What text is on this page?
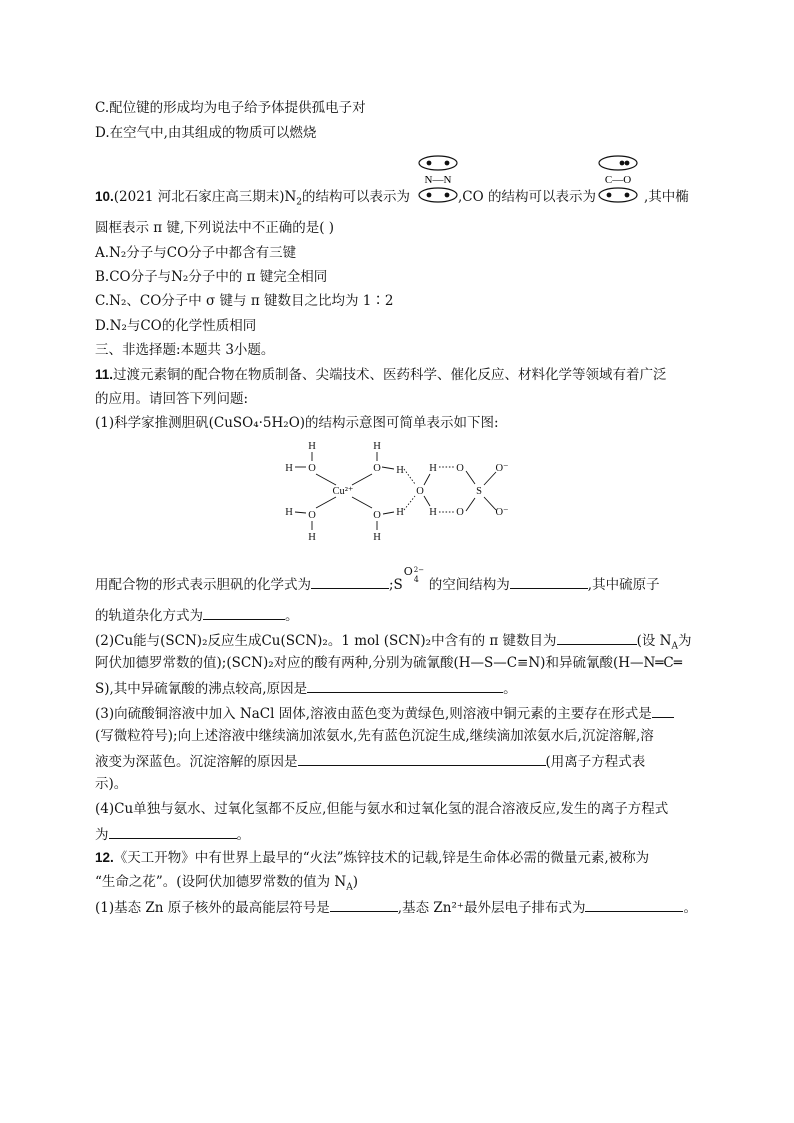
C.配位键的形成均为电子给予体提供孤电子对
D.在空气中,由其组成的物质可以燃烧
N—N	C—O
10.(2021 河北石家庄高三期末)$N_2$的结构可以表示为	,CO 的结构可以表示为	,其中椭
圆框表示 π 键,下列说法中不正确的是( )
A.N₂分子与CO分子中都含有三键
B.CO分子与N₂分子中的 π 键完全相同
C.N₂、CO分子中 σ 键与 π 键数目之比均为 1∶2
D.N₂与CO的化学性质相同
三、非选择题:本题共 3小题。
11.过渡元素铜的配合物在物质制备、尖端技术、医药科学、催化反应、材料化学等领域有着广泛
的应用。请回答下列问题:
(1)科学家推测胆矾(CuSO₄·5H₂O)的结构示意图可简单表示如下图:
H
H O
H
O H
Cu²⁺
H O
H
O
H
H
O
H
H
O
O
S
O⁻
O⁻
用配合物的形式表示胆矾的化学式为	;S
O 2−
4 的空间结构为	,其中硫原子
的轨道杂化方式为	。
(2)Cu能与(SCN)₂反应生成Cu(SCN)₂。1 mol (SCN)₂中含有的 π 键数目为	(设 $N_A$为
阿伏加德罗常数的值);(SCN)₂对应的酸有两种,分别为硫氰酸(H—S—C≡N)和异硫氰酸(H—N═C═
S),其中异硫氰酸的沸点较高,原因是	。
(3)向硫酸铜溶液中加入 NaCl 固体,溶液由蓝色变为黄绿色,则溶液中铜元素的主要存在形式是
(写微粒符号);向上述溶液中继续滴加浓氨水,先有蓝色沉淀生成,继续滴加浓氨水后,沉淀溶解,溶
液变为深蓝色。沉淀溶解的原因是	(用离子方程式表
示)。
(4)Cu单独与氨水、过氧化氢都不反应,但能与氨水和过氧化氢的混合溶液反应,发生的离子方程式
为	。
12.《天工开物》中有世界上最早的“火法”炼锌技术的记载,锌是生命体必需的微量元素,被称为
“生命之花”。(设阿伏加德罗常数的值为 $N_A$)
(1)基态 Zn 原子核外的最高能层符号是	,基态 Zn²⁺最外层电子排布式为	。
